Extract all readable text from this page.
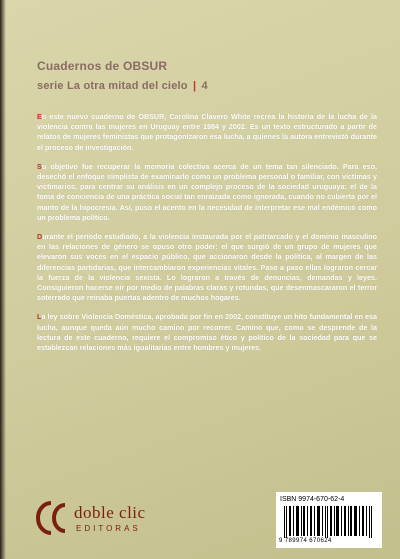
Cuadernos de OBSUR
serie La otra mitad del cielo | 4

En este nuevo cuaderno de OBSUR, Carolina Clavero White recrea la historia de la lucha de la violencia contra las mujeres en Uruguay entre 1984 y 2002. Es un texto estructurado a partir de relatos de mujeres feministas que protagonizaron esa lucha, a quienes la autora entrevistó durante el proceso de investigación.

Su objetivo fue recuperar la memoria colectiva acerca de un tema tan silenciado. Para eso, desechó el enfoque simplista de examinarlo como un problema personal o familiar, con víctimas y victimarios, para centrar su análisis en un complejo proceso de la sociedad uruguaya: el de la toma de conciencia de una práctica social tan enraizada como ignorada, cuando no cubierta por el manto de la hipocresía. Así, puso el acento en la necesidad de interpretar ese mal endémico como un problema político.

Durante el período estudiado, a la violencia instaurada por el patriarcado y el dominio masculino en las relaciones de género se opuso otro poder: el que surgió de un grupo de mujeres que elevaron sus voces en el espacio público, que accionaron desde la política, al margen de las diferencias partidarias, que intercambiaron experiencias vitales. Paso a paso ellas lograron cercar la fuerza de la violencia sexista. Lo lograron a través de denuncias, demandas y leyes. Consiguieron hacerse oír por medio de palabras claras y rotundas, que desenmascararon el terror soterrado que reinaba puertas adentro de muchos hogares.

La ley sobre Violencia Doméstica, aprobada por fin en 2002, constituye un hito fundamental en esa lucha, aunque queda aún mucho camino por recorrer. Camino que, como se desprende de la lectura de este cuaderno, requiere el compromiso ético y político de la sociedad para que se establezcan relaciones más igualitarias entre hombres y mujeres.

doble clic
EDITORAS
ISBN 9974-670-62-4
9 789974 670624
